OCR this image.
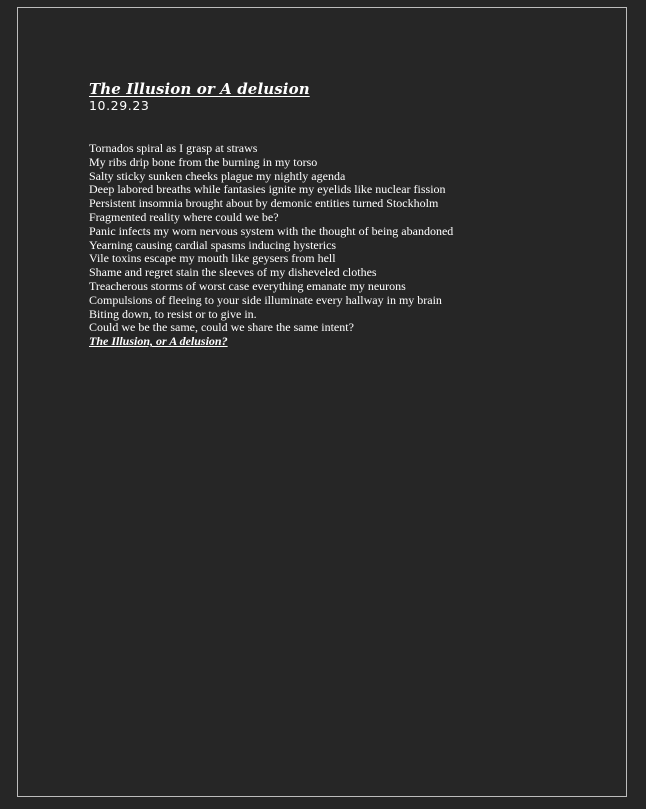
The Illusion or A delusion
10.29.23
Tornados spiral as I grasp at straws
My ribs drip bone from the burning in my torso
Salty sticky sunken cheeks plague my nightly agenda
Deep labored breaths while fantasies ignite my eyelids like nuclear fission
Persistent insomnia brought about by demonic entities turned Stockholm
Fragmented reality where could we be?
Panic infects my worn nervous system with the thought of being abandoned
Yearning causing cardial spasms inducing hysterics
Vile toxins escape my mouth like geysers from hell
Shame and regret stain the sleeves of my disheveled clothes
Treacherous storms of worst case everything emanate my neurons
Compulsions of fleeing to your side illuminate every hallway in my brain
Biting down, to resist or to give in.
Could we be the same, could we share the same intent?
The Illusion, or A delusion?
